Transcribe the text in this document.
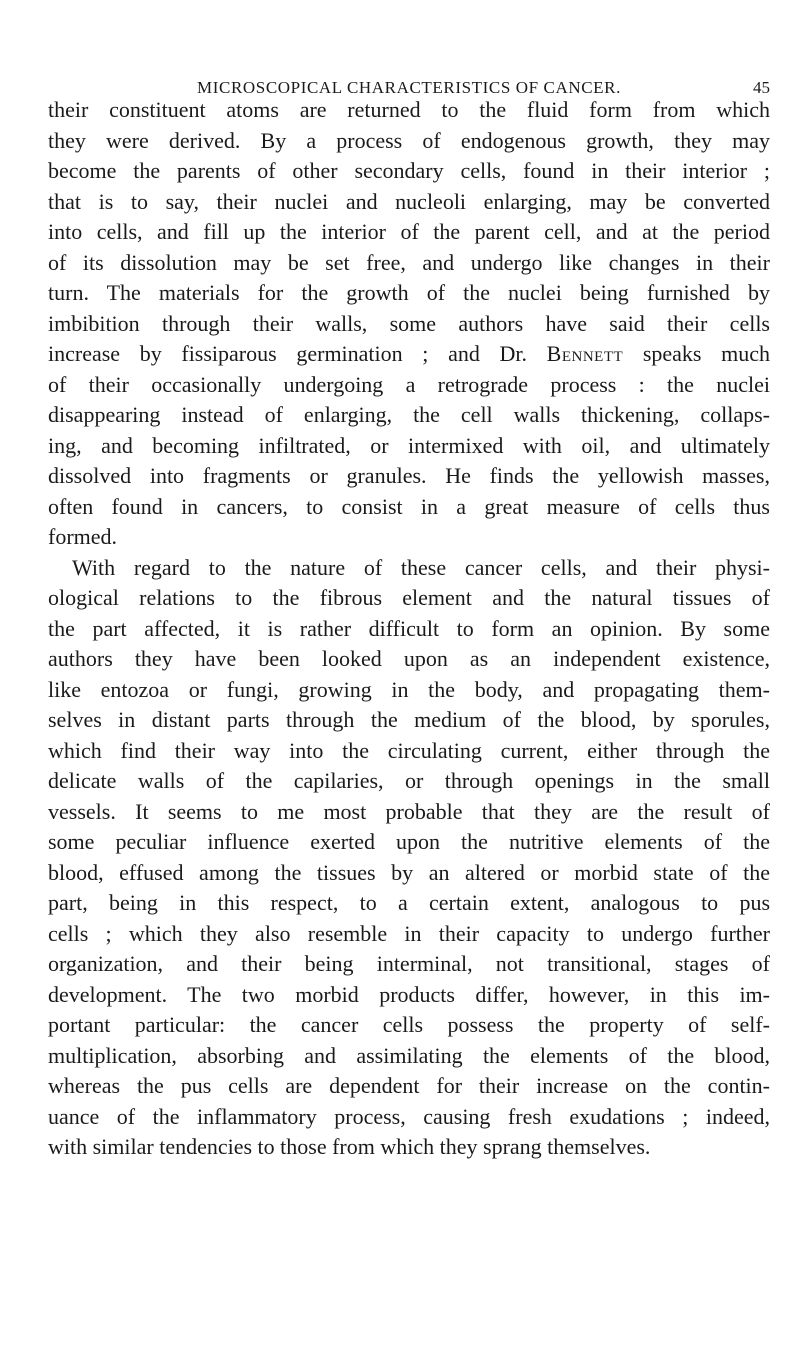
MICROSCOPICAL CHARACTERISTICS OF CANCER.	45
their constituent atoms are returned to the fluid form from which
they were derived. By a process of endogenous growth, they may
become the parents of other secondary cells, found in their interior ;
that is to say, their nuclei and nucleoli enlarging, may be converted
into cells, and fill up the interior of the parent cell, and at the period
of its dissolution may be set free, and undergo like changes in their
turn. The materials for the growth of the nuclei being furnished by
imbibition through their walls, some authors have said their cells
increase by fissiparous germination ; and Dr. Bennett speaks much
of their occasionally undergoing a retrograde process : the nuclei
disappearing instead of enlarging, the cell walls thickening, collaps-
ing, and becoming infiltrated, or intermixed with oil, and ultimately
dissolved into fragments or granules. He finds the yellowish masses,
often found in cancers, to consist in a great measure of cells thus
formed.
With regard to the nature of these cancer cells, and their physi-
ological relations to the fibrous element and the natural tissues of
the part affected, it is rather difficult to form an opinion. By some
authors they have been looked upon as an independent existence,
like entozoa or fungi, growing in the body, and propagating them-
selves in distant parts through the medium of the blood, by sporules,
which find their way into the circulating current, either through the
delicate walls of the capilaries, or through openings in the small
vessels. It seems to me most probable that they are the result of
some peculiar influence exerted upon the nutritive elements of the
blood, effused among the tissues by an altered or morbid state of the
part, being in this respect, to a certain extent, analogous to pus
cells ; which they also resemble in their capacity to undergo further
organization, and their being interminal, not transitional, stages of
development. The two morbid products differ, however, in this im-
portant particular: the cancer cells possess the property of self-
multiplication, absorbing and assimilating the elements of the blood,
whereas the pus cells are dependent for their increase on the contin-
uance of the inflammatory process, causing fresh exudations ; indeed,
with similar tendencies to those from which they sprang themselves.
